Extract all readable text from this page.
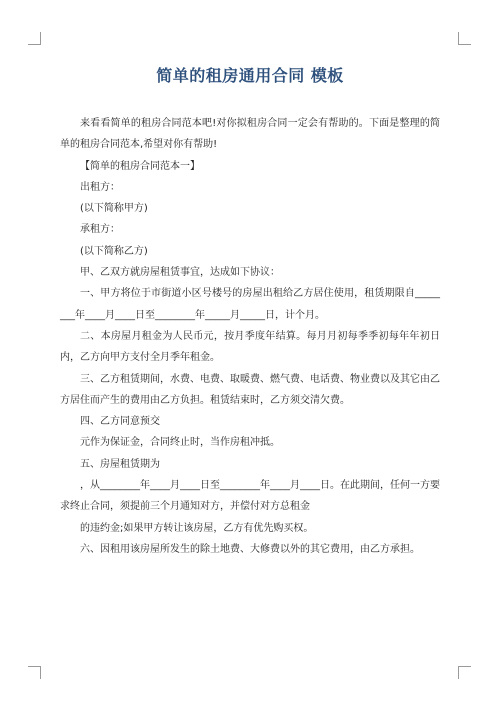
简单的租房通用合同 模板

来看看简单的租房合同范本吧!对你拟租房合同一定会有帮助的。下面是整理的简单的租房合同范本,希望对你有帮助!

【简单的租房合同范本一】

出租方：

(以下简称甲方)

承租方：

(以下简称乙方)

甲、乙双方就房屋租赁事宜，达成如下协议：

一、甲方将位于市街道小区号楼号的房屋出租给乙方居住使用，租赁期限自_____ ___年____月____日至________年_____月_____日，计个月。

二、本房屋月租金为人民币元，按月季度年结算。每月月初每季季初每年年初日内，乙方向甲方支付全月季年租金。

三、乙方租赁期间，水费、电费、取暖费、燃气费、电话费、物业费以及其它由乙方居住而产生的费用由乙方负担。租赁结束时，乙方须交清欠费。

四、乙方同意预交

元作为保证金，合同终止时，当作房租冲抵。

五、房屋租赁期为

，从________年____月____日至________年____月____日。在此期间，任何一方要求终止合同，须提前三个月通知对方，并偿付对方总租金

的违约金;如果甲方转让该房屋，乙方有优先购买权。

六、因租用该房屋所发生的除土地费、大修费以外的其它费用，由乙方承担。
